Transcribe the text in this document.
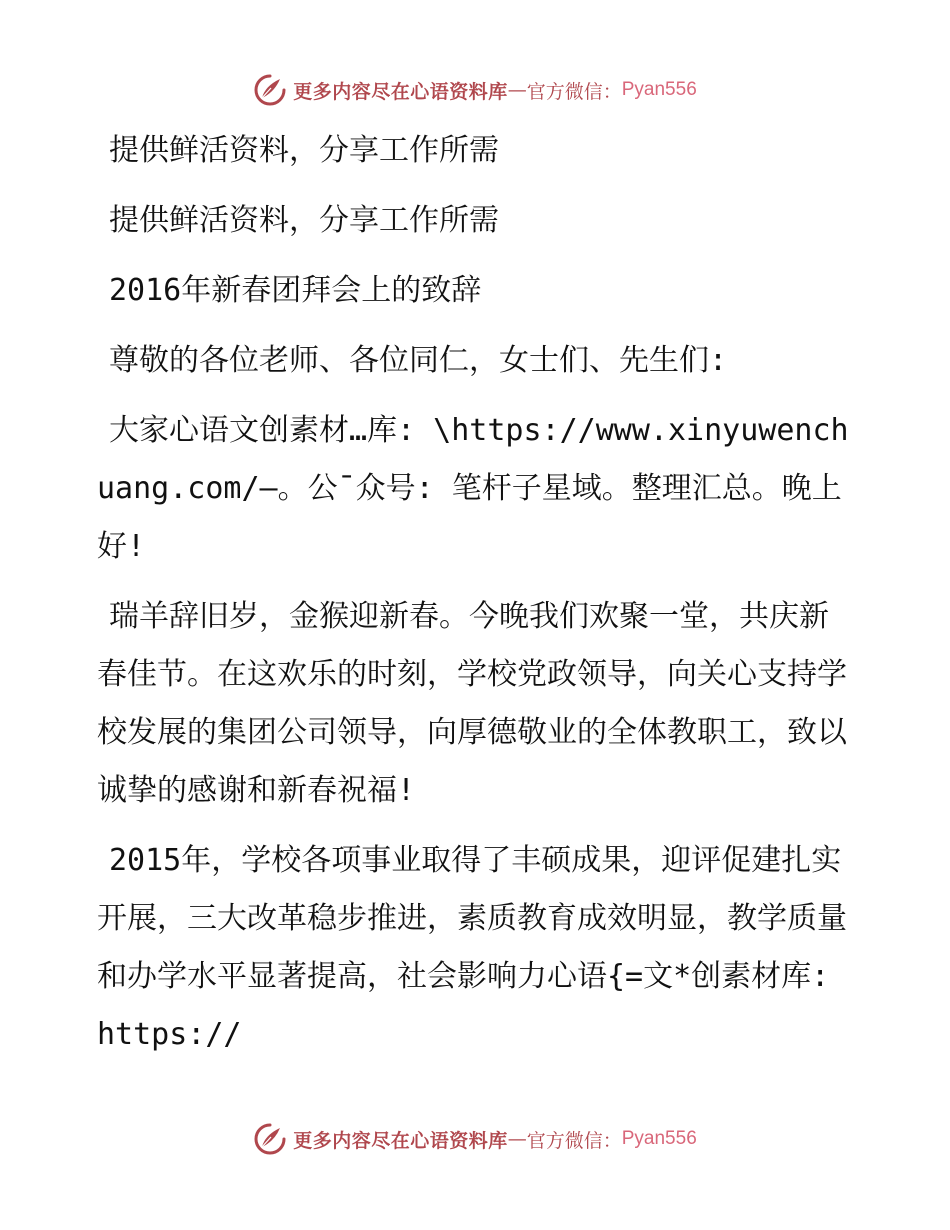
更多内容尽在心语资料库 — 官方微信： Pyan556

提供鲜活资料，分享工作所需

提供鲜活资料，分享工作所需

2016年新春团拜会上的致辞

尊敬的各位老师、各位同仁，女士们、先生们:

大家心语文创素材…库: \https://www.xinyuwenchuang.com/—。公¯众号: 笔杆子星域。整理汇总。晚上好!

瑞羊辞旧岁，金猴迎新春。今晚我们欢聚一堂，共庆新春佳节。在这欢乐的时刻，学校党政领导，向关心支持学校发展的集团公司领导，向厚德敬业的全体教职工，致以诚挚的感谢和新春祝福!

2015年，学校各项事业取得了丰硕成果，迎评促建扎实开展，三大改革稳步推进，素质教育成效明显，教学质量和办学水平显著提高，社会影响力心语{=文*创素材库: https://

更多内容尽在心语资料库 — 官方微信： Pyan556
